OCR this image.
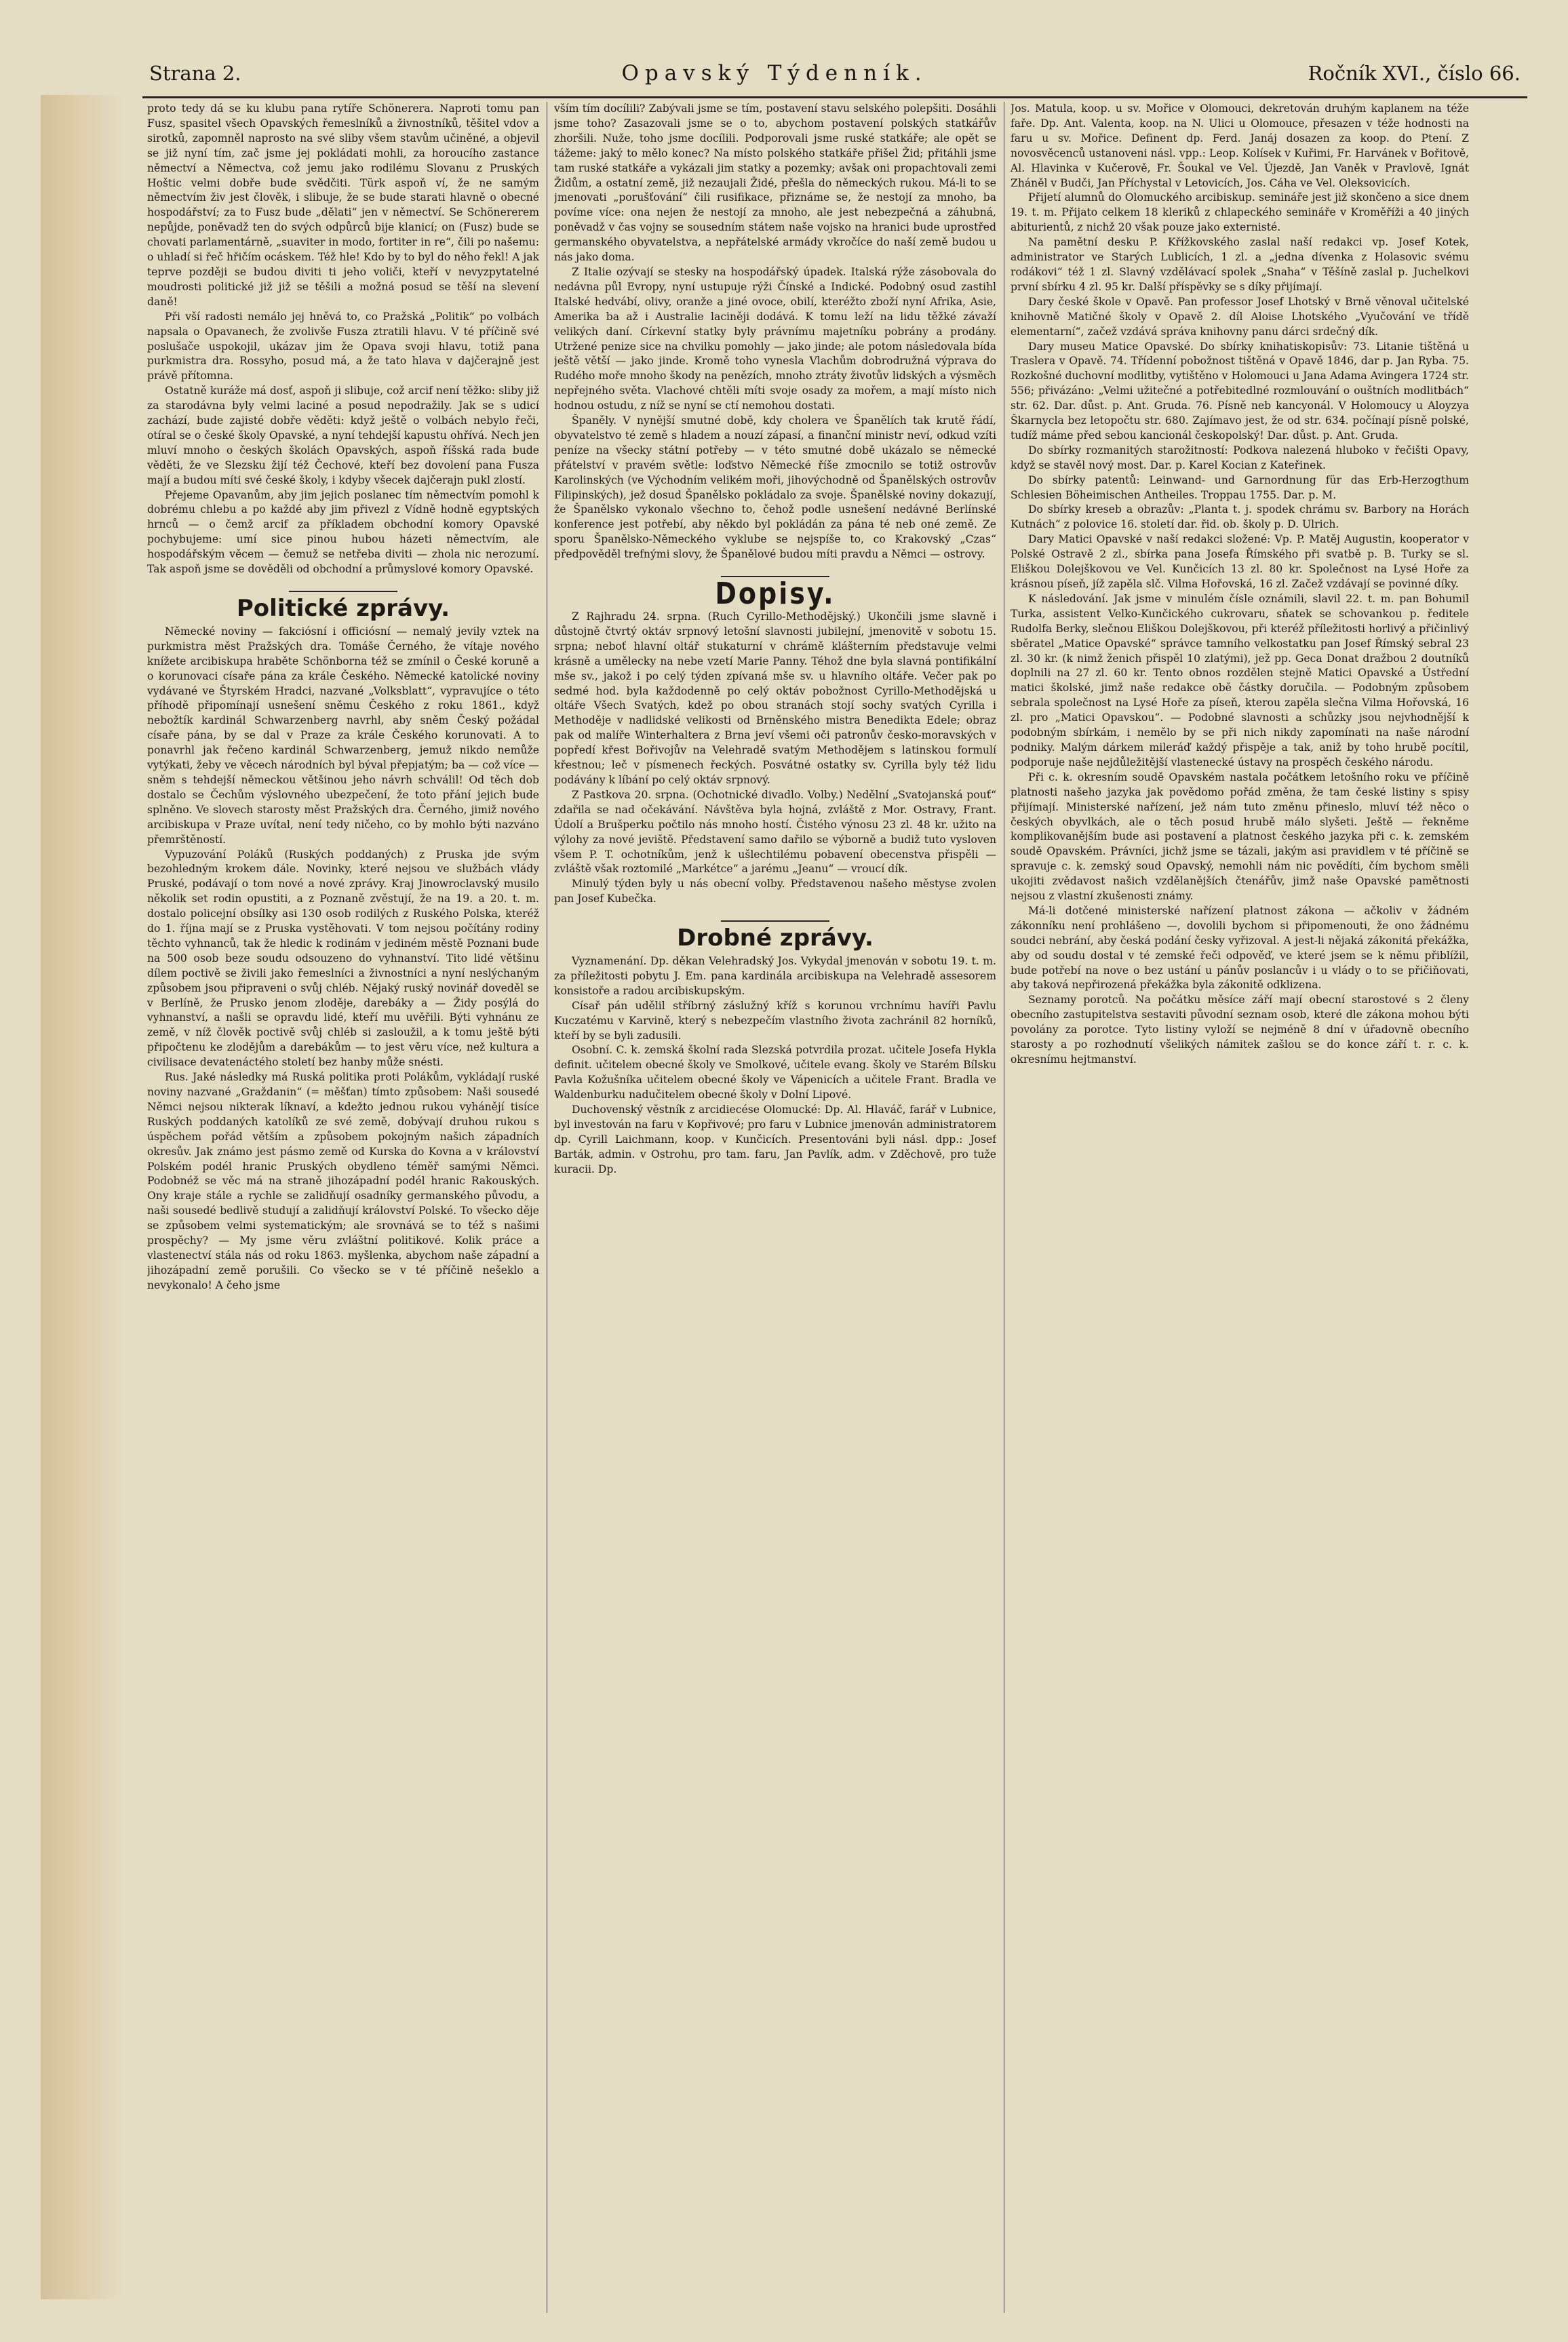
Strana 2.	Opavský Týdenník.	Ročník XVI., číslo 66.

proto tedy dá se ku klubu pana rytíře Schönerera. Naproti tomu pan Fusz, spasitel všech Opavských řemeslníků a živnostníků, těšitel vdov a sirotků, zapomněl naprosto na své sliby všem stavům učiněné, a objevil se již nyní tím, zač jsme jej pokládati mohli, za horoucího zastance němectví a Němectva, což jemu jako rodilému Slovanu z Pruských Hoštic velmi dobře bude svědčiti. Türk aspoň ví, že ne samým němectvím živ jest člověk, i slibuje, že se bude starati hlavně o obecné hospodářství; za to Fusz bude „dělati“ jen v němectví. Se Schönererem nepůjde, poněvadž ten do svých odpůrců bije klanicí; on (Fusz) bude se chovati parlamentárně, „suaviter in modo, fortiter in re“, čili po našemu: o uhladí si řeč hřičím ocáskem. Též hle! Kdo by to byl do něho řekl! A jak teprve později se budou diviti ti jeho voliči, kteří v nevyzpytatelné moudrosti politické již již se těšili a možná posud se těší na slevení daně!

Při vší radosti nemálo jej hněvá to, co Pražská „Politik“ po volbách napsala o Opavanech, že zvolivše Fusza ztratili hlavu. V té příčině své poslušače uspokojil, ukázav jim že Opava svoji hlavu, totiž pana purkmistra dra. Rossyho, posud má, a že tato hlava v dajčerajně jest právě přítomna.

Ostatně kuráže má dosť, aspoň ji slibuje, což arcif není těžko: sliby již za starodávna byly velmi laciné a posud nepodražily. Jak se s udicí zachází, bude zajisté dobře věděti: když ještě o volbách nebylo řeči, otíral se o české školy Opavské, a nyní tehdejší kapustu ohřívá. Nech jen mluví mnoho o českých školách Opavských, aspoň říšská rada bude věděti, že ve Slezsku žijí též Čechové, kteří bez dovolení pana Fusza mají a budou míti své české školy, i kdyby všecek dajčerajn pukl zlostí.

Přejeme Opavanům, aby jim jejich poslanec tím němectvím pomohl k dobrému chlebu a po každé aby jim přivezl z Vídně hodně egyptských hrnců — o čemž arcif za příkladem obchodní komory Opavské pochybujeme: umí sice pinou hubou házeti němectvím, ale hospodářským věcem — čemuž se netřeba diviti — zhola nic nerozumí. Tak aspoň jsme se dověděli od obchodní a průmyslové komory Opavské.

Politické zprávy.

Německé noviny — fakciósní i officiósní — nemalý jevily vztek na purkmistra měst Pražských dra. Tomáše Černého, že vítaje nového knížete arcibiskupa hraběte Schönborna též se zmínil o České koruně a o korunovaci císaře pána za krále Českého. Německé katolické noviny vydávané ve Štyrském Hradci, nazvané „Volksblatt“, vypravujíce o této příhodě připomínají usnešení sněmu Českého z roku 1861., když nebožtík kardinál Schwarzenberg navrhl, aby sněm Český požádal císaře pána, by se dal v Praze za krále Českého korunovati. A to ponavrhl jak řečeno kardinál Schwarzenberg, jemuž nikdo nemůže vytýkati, žeby ve věcech národních byl býval přepjatým; ba — což více — sněm s tehdejší německou většinou jeho návrh schválil! Od těch dob dostalo se Čechům výslovného ubezpečení, že toto přání jejich bude splněno. Ve slovech starosty měst Pražských dra. Černého, jimiž nového arcibiskupa v Praze uvítal, není tedy ničeho, co by mohlo býti nazváno přemrštěností.

Vypuzování Poláků (Ruských poddaných) z Pruska jde svým bezohledným krokem dále. Novinky, které nejsou ve službách vlády Pruské, podávají o tom nové a nové zprávy. Kraj Jinowroclavský musilo několik set rodin opustiti, a z Poznaně zvěstují, že na 19. a 20. t. m. dostalo policejní obsílky asi 130 osob rodilých z Ruského Polska, kteréž do 1. října mají se z Pruska vystěhovati. V tom nejsou počítány rodiny těchto vyhnanců, tak že hledic k rodinám v jediném městě Poznani bude na 500 osob beze soudu odsouzeno do vyhnanství. Tito lidé většinu dílem poctivě se živili jako řemeslníci a živnostníci a nyní neslýchaným způsobem jsou připraveni o svůj chléb. Nějaký ruský novinář doveděl se v Berlíně, že Prusko jenom zloděje, darebáky a — Židy posýlá do vyhnanství, a našli se opravdu lidé, kteří mu uvěřili. Býti vyhnánu ze země, v níž člověk poctivě svůj chléb si zasloužil, a k tomu ještě býti připočtenu ke zlodějům a darebákům — to jest věru více, než kultura a civilisace devatenáctého století bez hanby může snésti.

Rus. Jaké následky má Ruská politika proti Polákům, vykládají ruské noviny nazvané „Graždanin“ (= měšťan) tímto způsobem: Naši sousedé Němci nejsou nikterak líknaví, a kdežto jednou rukou vyhánějí tisíce Ruských poddaných katolíků ze své země, dobývají druhou rukou s úspěchem pořád větším a způsobem pokojným našich západních okresův. Jak známo jest pásmo země od Kurska do Kovna a v království Polském podél hranic Pruských obydleno téměř samými Němci. Podobnéž se věc má na straně jihozápadní podél hranic Rakouských. Ony kraje stále a rychle se zalidňují osadníky germanského původu, a naši sousedé bedlivě studují a zalidňují království Polské. To všecko děje se způsobem velmi systematickým; ale srovnává se to též s našimi prospěchy? — My jsme věru zvláštní politikové. Kolik práce a vlastenectví stála nás od roku 1863. myšlenka, abychom naše západní a jihozápadní země porušili. Co všecko se v té příčině nešeklo a nevykonalo! A čeho jsme

vším tím docílili? Zabývali jsme se tím, postavení stavu selského polepšiti. Dosáhli jsme toho? Zasazovali jsme se o to, abychom postavení polských statkářův zhoršili. Nuže, toho jsme docílili. Podporovali jsme ruské statkáře; ale opět se tážeme: jaký to mělo konec? Na místo polského statkáře přišel Žid; přitáhli jsme tam ruské statkáře a vykázali jim statky a pozemky; avšak oni propachtovali zemi Židům, a ostatní země, již nezaujali Židé, přešla do německých rukou. Má-li to se jmenovati „porušťování“ čili rusifikace, přiznáme se, že nestojí za mnoho, ba povíme více: ona nejen že nestojí za mnoho, ale jest nebezpečná a záhubná, poněvadž v čas vojny se sousedním státem naše vojsko na hranici bude uprostřed germanského obyvatelstva, a nepřátelské armády vkročíce do naší země budou u nás jako doma.

Z Italie ozývají se stesky na hospodářský úpadek. Italská rýže zásobovala do nedávna půl Evropy, nyní ustupuje rýži Čínské a Indické. Podobný osud zastihl Italské hedvábí, olivy, oranže a jiné ovoce, obilí, kteréžto zboží nyní Afrika, Asie, Amerika ba až i Australie laciněji dodává. K tomu leží na lidu těžké závaží velikých daní. Církevní statky byly právnímu majetníku pobrány a prodány. Utržené penize sice na chvilku pomohly — jako jinde; ale potom následovala bída ještě větší — jako jinde. Kromě toho vynesla Vlachům dobrodružná výprava do Rudého moře mnoho škody na penězích, mnoho ztráty životův lidských a výsměch nepřejného světa. Vlachové chtěli míti svoje osady za mořem, a mají místo nich hodnou ostudu, z níž se nyní se ctí nemohou dostati.

Španěly. V nynější smutné době, kdy cholera ve Španělích tak krutě řádí, obyvatelstvo té země s hladem a nouzí zápasí, a finanční ministr neví, odkud vzíti peníze na všecky státní potřeby — v této smutné době ukázalo se německé přátelství v pravém světle: loďstvo Německé říše zmocnilo se totiž ostrovův Karolinských (ve Východním velikém moři, jihovýchodně od Španělských ostrovův Filipinských), jež dosud Španělsko pokládalo za svoje. Španělské noviny dokazují, že Španělsko vykonalo všechno to, čehož podle usnešení nedávné Berlínské konference jest potřebí, aby někdo byl pokládán za pána té neb oné země. Ze sporu Španělsko-Německého vyklube se nejspíše to, co Krakovský „Czas“ předpověděl trefnými slovy, že Španělové budou míti pravdu a Němci — ostrovy.

Dopisy.

Z Rajhradu 24. srpna. (Ruch Cyrillo-Methodějský.) Ukončili jsme slavně i důstojně čtvrtý oktáv srpnový letošní slavnosti jubilejní, jmenovitě v sobotu 15. srpna; neboť hlavní oltář stukaturní v chrámě klášterním představuje velmi krásně a uměleckу na nebe vzetí Marie Panny. Téhož dne byla slavná pontifikální mše sv., jakož i po celý týden zpívaná mše sv. u hlavního oltáře. Večer pak po sedmé hod. byla každodenně po celý oktáv pobožnost Cyrillo-Methodějská u oltáře Všech Svatých, kdež po obou stranách stojí sochy svatých Cyrilla i Methoděje v nadlidské velikosti od Brněnského mistra Benedikta Edele; obraz pak od malíře Winterhaltera z Brna jeví všemi oči patronův česko-moravských v popředí křest Bořivojův na Velehradě svatým Methodějem s latinskou formulí křestnou; leč v písmenech řeckých. Posvátné ostatky sv. Cyrilla byly též lidu podávány k líbání po celý oktáv srpnový.

Z Pastkova 20. srpna. (Ochotnické divadlo. Volby.) Nedělní „Svatojanská pouť“ zdařila se nad očekávání. Návštěva byla hojná, zvláště z Mor. Ostravy, Frant. Údolí a Brušperku počtilo nás mnoho hostí. Čistého výnosu 23 zl. 48 kr. užito na výlohy za nové jeviště. Představení samo dařilo se výborně a budiž tuto vysloven všem P. T. ochotníkům, jenž k ušlechtilému pobavení obecenstva přispěli — zvláště však roztomilé „Markétce“ a jarému „Jeanu“ — vroucí dík.

Minulý týden byly u nás obecní volby. Představenou našeho městyse zvolen pan Josef Kubečka.

Drobné zprávy.

Vyznamenání. Dp. děkan Velehradský Jos. Vykydal jmenován v sobotu 19. t. m. za příležitosti pobytu J. Em. pana kardinála arcibiskupa na Velehradě assesorem konsistoře a radou arcibiskupským.

Císař pán udělil stříbrný záslužný kříž s korunou vrchnímu havíři Pavlu Kuczatému v Karvině, který s nebezpečím vlastního života zachránil 82 horníků, kteří by se byli zadusili.

Osobní. C. k. zemská školní rada Slezská potvrdila prozat. učitele Josefa Hykla definit. učitelem obecné školy ve Smolkové, učitele evang. školy ve Starém Bílsku Pavla Kožušníka učitelem obecné školy ve Vápenicích a učitele Frant. Bradla ve Waldenburku nadučitelem obecné školy v Dolní Lipové.

Duchovenský věstník z arcidiecése Olomucké: Dp. Al. Hlaváč, farář v Lubnice, byl investován na faru v Kopřivové; pro faru v Lubnice jmenován administratorem dp. Cyrill Laichmann, koop. v Kunčicích. Presentováni byli násl. dpp.: Josef Barták, admin. v Ostrohu, pro tam. faru, Jan Pavlík, adm. v Zděchově, pro tuže kuracii. Dp.

Jos. Matula, koop. u sv. Mořice v Olomouci, dekretován druhým kaplanem na téže faře. Dp. Ant. Valenta, koop. na N. Ulici u Olomouce, přesazen v téže hodnosti na faru u sv. Mořice. Definent dp. Ferd. Janáj dosazen za koop. do Ptení. Z novosvěcenců ustanoveni násl. vpp.: Leop. Kolísek v Kuřimi, Fr. Harvánek v Bořitově, Al. Hlavinka v Kučerově, Fr. Šoukal ve Vel. Újezdě, Jan Vaněk v Pravlově, Ignát Zháněl v Budči, Jan Příchystal v Letovicích, Jos. Cáha ve Vel. Oleksovicích.

Přijetí alumnů do Olomuckého arcibiskup. semináře jest již skončeno a sice dnem 19. t. m. Přijato celkem 18 kleriků z chlapeckého semináře v Kroměříži a 40 jiných abiturientů, z nichž 20 však pouze jako externisté.

Na pamětní desku P. Křížkovského zaslal naší redakci vp. Josef Kotek, administrator ve Starých Lublicích, 1 zl. a „jedna dívenka z Holasovic svému rodákovi“ též 1 zl. Slavný vzdělávací spolek „Snaha“ v Těšíně zaslal p. Juchelkovi první sbírku 4 zl. 95 kr. Další příspěvky se s díky přijímají.

Dary české škole v Opavě. Pan professor Josef Lhotský v Brně věnoval učitelské knihovně Matičné školy v Opavě 2. díl Aloise Lhotského „Vyučování ve třídě elementarní“, začež vzdává správa knihovny panu dárci srdečný dík.

Dary museu Matice Opavské. Do sbírky knihatiskopisův: 73. Litanie tištěná u Traslera v Opavě. 74. Třídenní pobožnost tištěná v Opavě 1846, dar p. Jan Ryba. 75. Rozkošné duchovní modlitby, vytištěno v Holomouci u Jana Adama Avingera 1724 str. 556; přivázáno: „Velmi užitečné a potřebitedlné rozmlouvání o ouštních modlitbách“ str. 62. Dar. důst. p. Ant. Gruda. 76. Písně neb kancyonál. V Holomoucy u Aloyzya Škarnycla bez letopočtu str. 680. Zajímavo jest, že od str. 634. počínají písně polské, tudíž máme před sebou kancionál českopolský! Dar. důst. p. Ant. Gruda.

Do sbírky rozmanitých starožitností: Podkova nalezená hluboko v řečišti Opavy, když se stavěl nový most. Dar. p. Karel Kocian z Kateřinek.

Do sbírky patentů: Leinwand- und Garnordnung für das Erb-Herzogthum Schlesien Böheimischen Antheiles. Troppau 1755. Dar. p. M.

Do sbírky kreseb a obrazův: „Planta t. j. spodek chrámu sv. Barbory na Horách Kutnách“ z polovice 16. století dar. řid. ob. školy p. D. Ulrich.

Dary Matici Opavské v naší redakci složené: Vp. P. Matěj Augustin, kooperator v Polské Ostravě 2 zl., sbírka pana Josefa Římského při svatbě p. B. Turky se sl. Eliškou Dolejškovou ve Vel. Kunčicích 13 zl. 80 kr. Společnost na Lysé Hoře za krásnou píseň, jíž zapěla slč. Vilma Hořovská, 16 zl. Začež vzdávají se povinné díky.

K následování. Jak jsme v minulém čísle oznámili, slavil 22. t. m. pan Bohumil Turka, assistent Velko-Kunčického cukrovaru, sňatek se schovankou p. ředitele Rudolfa Berky, slečnou Eliškou Dolejškovou, při kteréž příležitosti horlivý a přičinlivý sběratel „Matice Opavské“ správce tamního velkostatku pan Josef Římský sebral 23 zl. 30 kr. (k nimž ženich přispěl 10 zlatými), jež pp. Geca Donat dražbou 2 doutníků doplnili na 27 zl. 60 kr. Tento obnos rozdělen stejně Matici Opavské a Ústřední matici školské, jimž naše redakce obě částky doručila. — Podobným způsobem sebrala společnost na Lysé Hoře za píseň, kterou zapěla slečna Vilma Hořovská, 16 zl. pro „Matici Opavskou“. — Podobné slavnosti a schůzky jsou nejvhodnější k podobným sbírkám, i nemělo by se při nich nikdy zapomínati na naše národní podniky. Malým dárkem mileráď každý přispěje a tak, aniž by toho hrubě pocítil, podporuje naše nejdůležitější vlastenecké ústavy na prospěch českého národu.

Při c. k. okresním soudě Opavském nastala počátkem letošního roku ve příčině platnosti našeho jazyka jak povědomo pořád změna, že tam české listiny s spisy přijímají. Ministerské nařízení, jež nám tuto změnu přineslo, mluví též něco o českých obyvlkách, ale o těch posud hrubě málo slyšeti. Ještě — řekněme komplikovanějším bude asi postavení a platnost českého jazyka při c. k. zemském soudě Opavském. Právníci, jichž jsme se tázali, jakým asi pravidlem v té příčině se spravuje c. k. zemský soud Opavský, nemohli nám nic povědíti, čím bychom směli ukojiti zvědavost našich vzdělanějších čtenářův, jimž naše Opavské pamětnosti nejsou z vlastní zkušenosti známy.

Má-li dotčené ministerské nařízení platnost zákona — ačkoliv v žádném zákonníku není prohlášeno —, dovolili bychom si připomenouti, že ono žádnému soudci nebrání, aby česká podání česky vyřizoval. A jest-li nějaká zákonitá překážka, aby od soudu dostal v té zemské řeči odpověď, ve které jsem se k němu přiblížil, bude potřebí na nove o bez ustání u pánův poslancův i u vlády o to se přičiňovati, aby taková nepřirozená překážka byla zákonitě odklizena.

Seznamy porotců. Na počátku měsíce září mají obecní starostové s 2 členy obecního zastupitelstva sestaviti původní seznam osob, které dle zákona mohou býti povolány za porotce. Tyto listiny vyloží se nejméně 8 dní v úřadovně obecního starosty a po rozhodnutí všelikých námitek zašlou se do konce září t. r. c. k. okresnímu hejtmanství.
